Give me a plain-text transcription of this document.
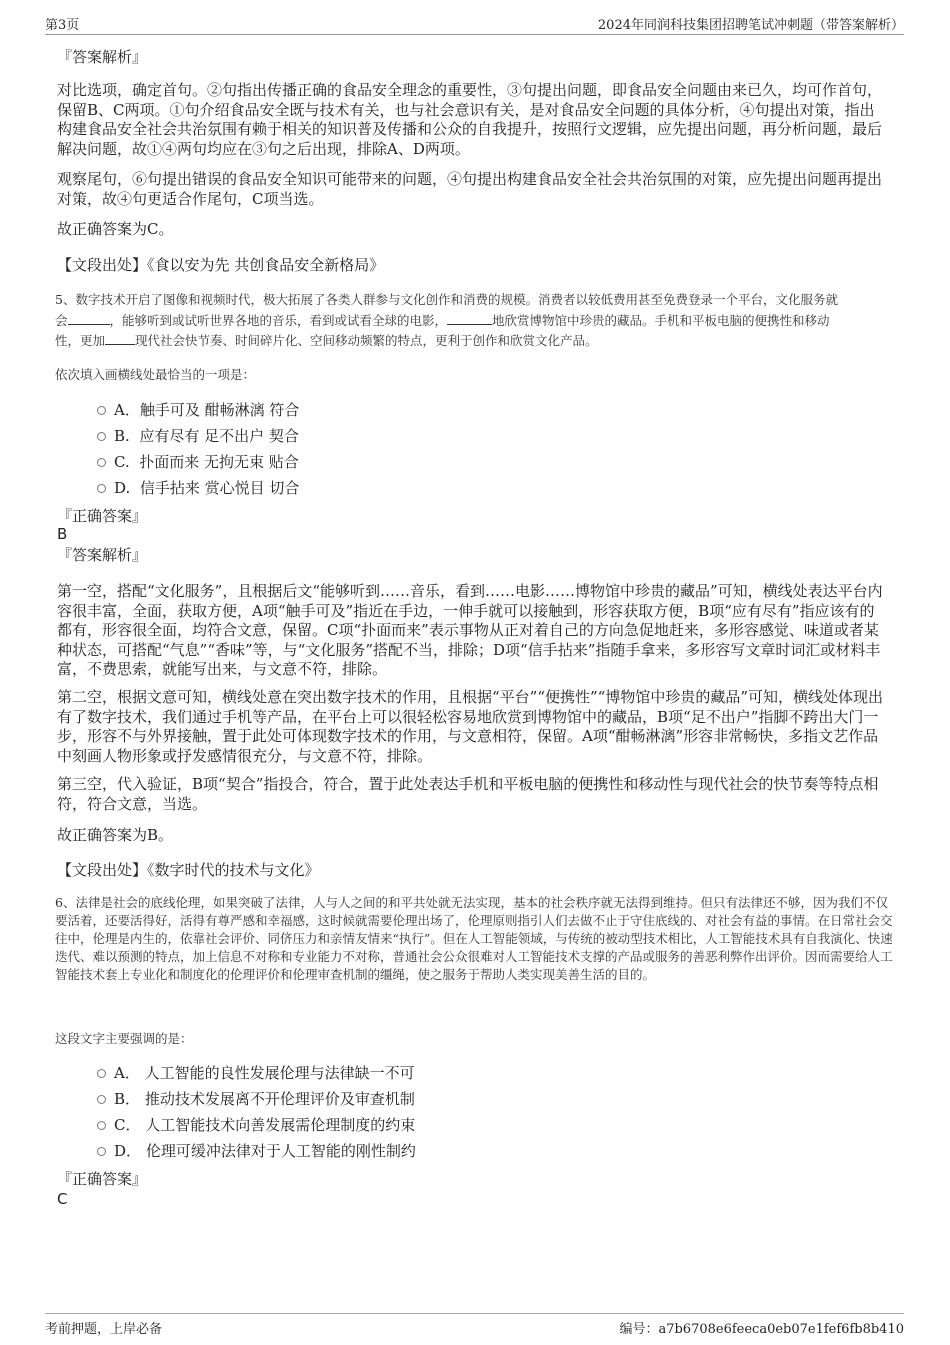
第3页	2024年同润科技集团招聘笔试冲刺题（带答案解析）
『答案解析』
对比选项，确定首句。②句指出传播正确的食品安全理念的重要性，③句提出问题，即食品安全问题由来已久，均可作首句，保留B、C两项。①句介绍食品安全既与技术有关，也与社会意识有关，是对食品安全问题的具体分析，④句提出对策，指出构建食品安全社会共治氛围有赖于相关的知识普及传播和公众的自我提升，按照行文逻辑，应先提出问题，再分析问题，最后解决问题，故①④两句均应在③句之后出现，排除A、D两项。
观察尾句，⑥句提出错误的食品安全知识可能带来的问题，④句提出构建食品安全社会共治氛围的对策，应先提出问题再提出对策，故④句更适合作尾句，C项当选。
故正确答案为C。
【文段出处】《食以安为先 共创食品安全新格局》
5、数字技术开启了图像和视频时代，极大拓展了各类人群参与文化创作和消费的规模。消费者以较低费用甚至免费登录一个平台，文化服务就
会	，能够听到或试听世界各地的音乐，看到或试看全球的电影，	地欣赏博物馆中珍贵的藏品。手机和平板电脑的便携性和移动
性，更加 现代社会快节奏、时间碎片化、空间移动频繁的特点，更利于创作和欣赏文化产品。
依次填入画横线处最恰当的一项是：
A．触手可及 酣畅淋漓 符合
B. 应有尽有 足不出户 契合
C. 扑面而来 无拘无束 贴合
D. 信手拈来 赏心悦目 切合
『正确答案』
B
『答案解析』
第一空，搭配“文化服务”，且根据后文“能够听到……音乐，看到……电影……博物馆中珍贵的藏品”可知，横线处表达平台内容很丰富，全面，获取方便，A项“触手可及”指近在手边，一伸手就可以接触到，形容获取方便，B项“应有尽有”指应该有的都有，形容很全面，均符合文意，保留。C项“扑面而来”表示事物从正对着自己的方向急促地赶来，多形容感觉、味道或者某种状态，可搭配“气息”“香味”等，与“文化服务”搭配不当，排除；D项“信手拈来”指随手拿来，多形容写文章时词汇或材料丰富，不费思索，就能写出来，与文意不符，排除。
第二空，根据文意可知，横线处意在突出数字技术的作用，且根据“平台”“便携性”“博物馆中珍贵的藏品”可知，横线处体现出有了数字技术，我们通过手机等产品，在平台上可以很轻松容易地欣赏到博物馆中的藏品，B项“足不出户”指脚不跨出大门一步，形容不与外界接触，置于此处可体现数字技术的作用，与文意相符，保留。A项“酣畅淋漓”形容非常畅快，多指文艺作品中刻画人物形象或抒发感情很充分，与文意不符，排除。
第三空，代入验证，B项“契合”指投合，符合，置于此处表达手机和平板电脑的便携性和移动性与现代社会的快节奏等特点相符，符合文意，当选。
故正确答案为B。
【文段出处】《数字时代的技术与文化》
6、法律是社会的底线伦理，如果突破了法律，人与人之间的和平共处就无法实现，基本的社会秩序就无法得到维持。但只有法律还不够，因为我们不仅要活着，还要活得好，活得有尊严感和幸福感，这时候就需要伦理出场了，伦理原则指引人们去做不止于守住底线的、对社会有益的事情。在日常社会交往中，伦理是内生的，依靠社会评价、同侪压力和亲情友情来“执行”。但在人工智能领域，与传统的被动型技术相比，人工智能技术具有自我演化、快速迭代、难以预测的特点，加上信息不对称和专业能力不对称，普通社会公众很难对人工智能技术支撑的产品或服务的善恶利弊作出评价。因而需要给人工智能技术套上专业化和制度化的伦理评价和伦理审查机制的缰绳，使之服务于帮助人类实现美善生活的目的。
这段文字主要强调的是：
A． 人工智能的良性发展伦理与法律缺一不可
B． 推动技术发展离不开伦理评价及审查机制
C． 人工智能技术向善发展需伦理制度的约束
D． 伦理可缓冲法律对于人工智能的刚性制约
『正确答案』
C
考前押题，上岸必备	编号：a7b6708e6feeca0eb07e1fef6fb8b410
